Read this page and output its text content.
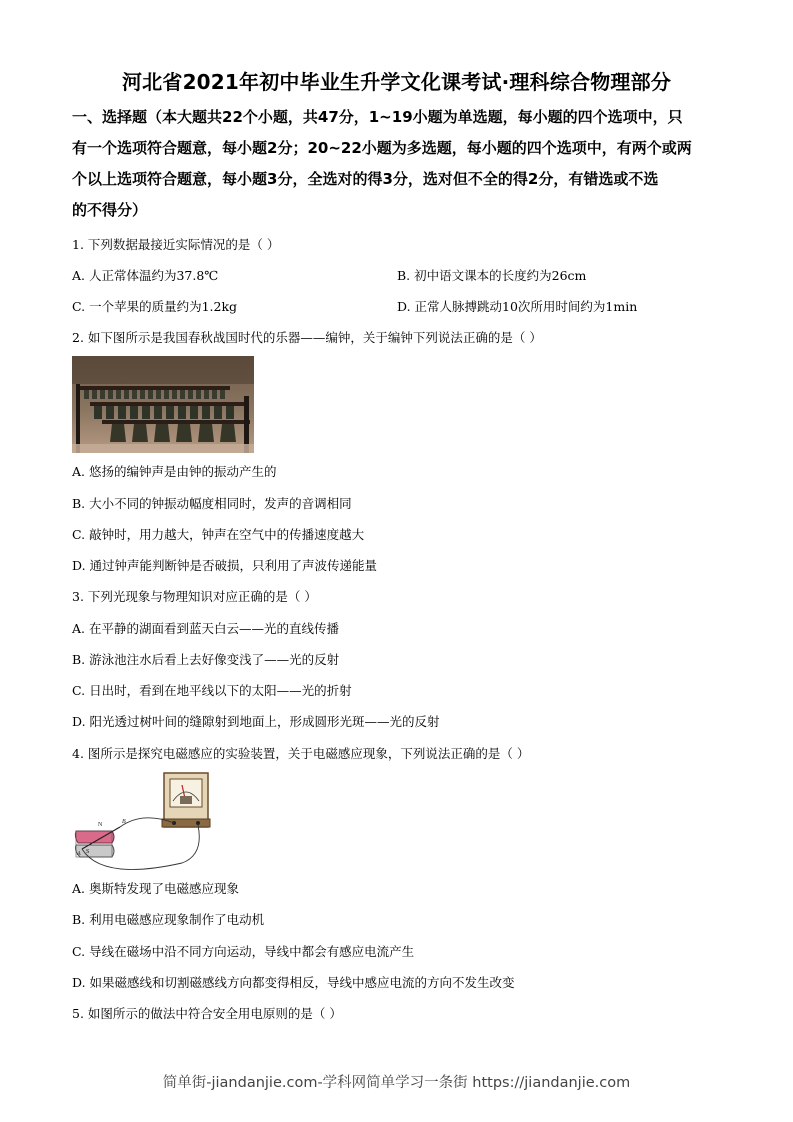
河北省2021年初中毕业生升学文化课考试·理科综合物理部分
一、选择题（本大题共22个小题，共47分，1~19小题为单选题，每小题的四个选项中，只
有一个选项符合题意，每小题2分；20~22小题为多选题，每小题的四个选项中，有两个或两
个以上选项符合题意，每小题3分，全选对的得3分，选对但不全的得2分，有错选或不选
的不得分）
1. 下列数据最接近实际情况的是（ ）
A. 人正常体温约为37.8℃	B. 初中语文课本的长度约为26cm
C. 一个苹果的质量约为1.2kg	D. 正常人脉搏跳动10次所用时间约为1min
2. 如下图所示是我国春秋战国时代的乐器——编钟，关于编钟下列说法正确的是（ ）
A. 悠扬的编钟声是由钟的振动产生的
B. 大小不同的钟振动幅度相同时，发声的音调相同
C. 敲钟时，用力越大，钟声在空气中的传播速度越大
D. 通过钟声能判断钟是否破损，只利用了声波传递能量
3. 下列光现象与物理知识对应正确的是（ ）
A. 在平静的湖面看到蓝天白云——光的直线传播
B. 游泳池注水后看上去好像变浅了——光的反射
C. 日出时，看到在地平线以下的太阳——光的折射
D. 阳光透过树叶间的缝隙射到地面上，形成圆形光斑——光的反射
4. 图所示是探究电磁感应的实验装置，关于电磁感应现象，下列说法正确的是（ ）
N
S
A
B
A. 奥斯特发现了电磁感应现象
B. 利用电磁感应现象制作了电动机
C. 导线在磁场中沿不同方向运动，导线中都会有感应电流产生
D. 如果磁感线和切割磁感线方向都变得相反，导线中感应电流的方向不发生改变
5. 如图所示的做法中符合安全用电原则的是（ ）
简单街-jiandanjie.com-学科网简单学习一条街 https://jiandanjie.com
